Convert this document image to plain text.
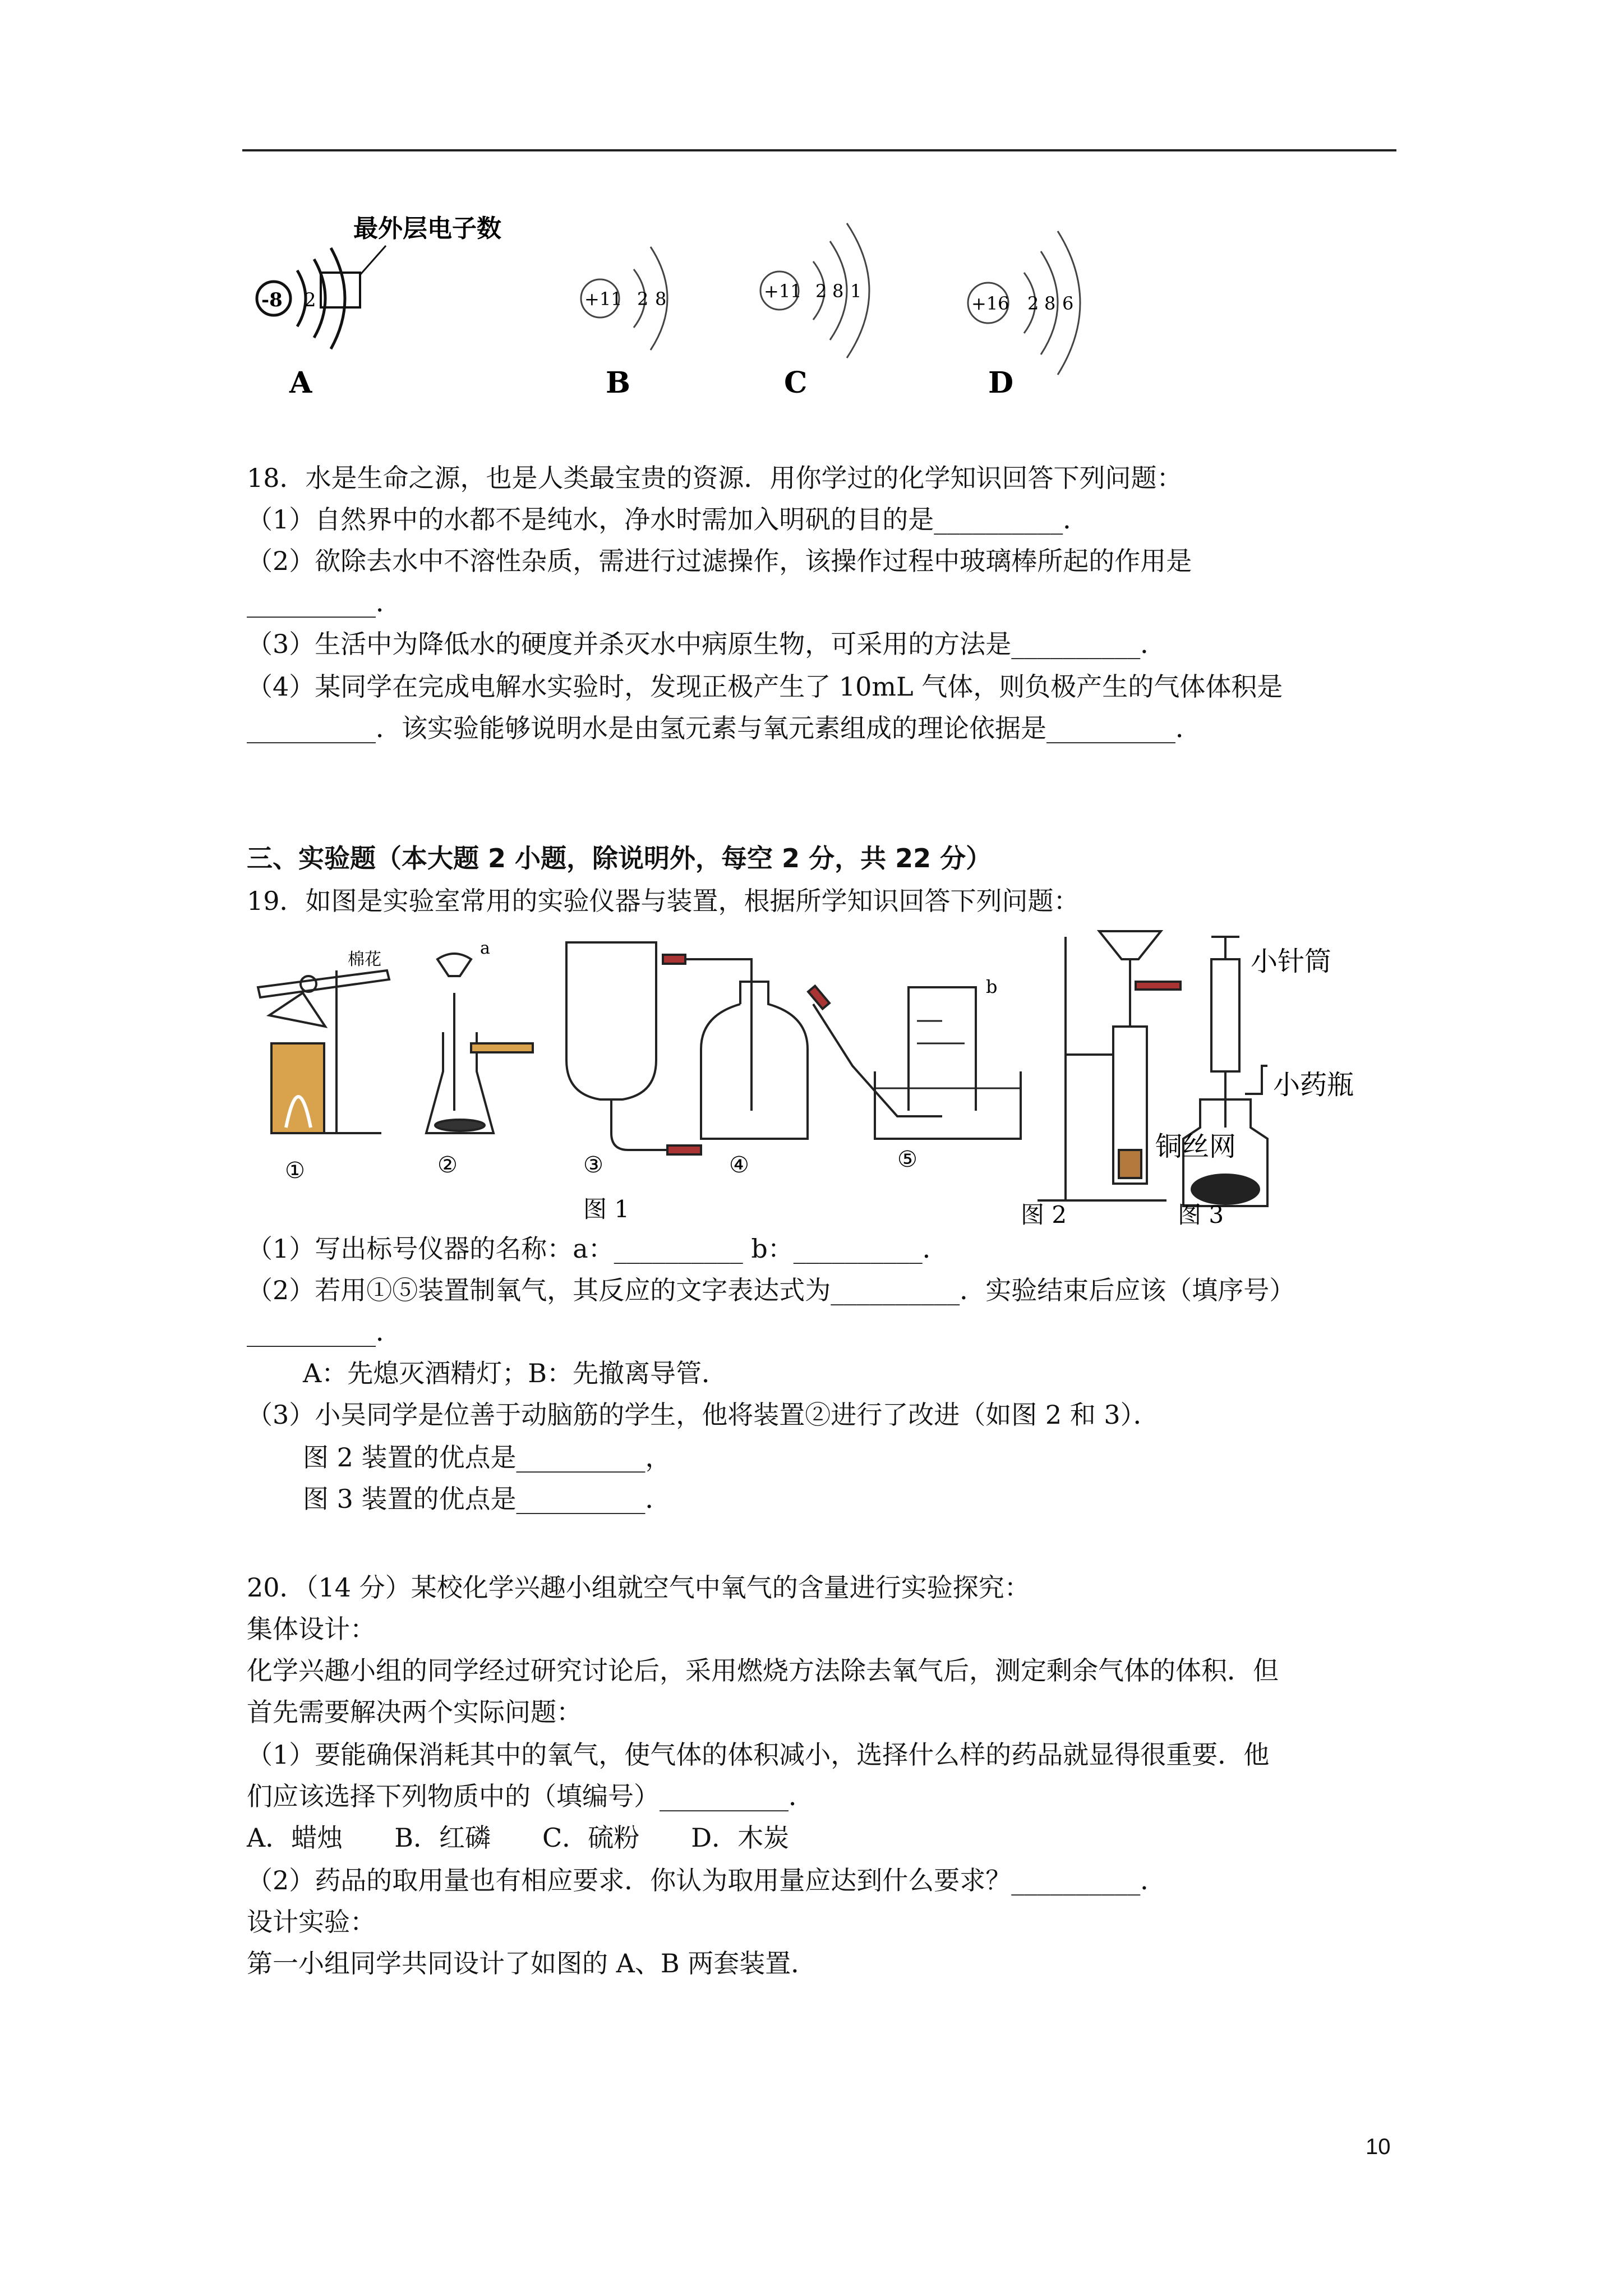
-8 2
最外层电子数
A
+11 2 8
B
+11 2 8 1
C
+16 2 8 6
D
18．水是生命之源，也是人类最宝贵的资源．用你学过的化学知识回答下列问题：
（1）自然界中的水都不是纯水，净水时需加入明矾的目的是__________．
（2）欲除去水中不溶性杂质，需进行过滤操作，该操作过程中玻璃棒所起的作用是
__________．
（3）生活中为降低水的硬度并杀灭水中病原生物，可采用的方法是__________．
（4）某同学在完成电解水实验时，发现正极产生了 10mL 气体，则负极产生的气体体积是
__________．该实验能够说明水是由氢元素与氧元素组成的理论依据是__________．
三、实验题（本大题 2 小题，除说明外，每空 2 分，共 22 分）
19．如图是实验室常用的实验仪器与装置，根据所学知识回答下列问题：
棉花
a
b
①	②	③	④	⑤
图 1
铜丝网
图 2
小针筒
小药瓶
图 3
（1）写出标号仪器的名称：a：__________ b：__________．
（2）若用①⑤装置制氧气，其反应的文字表达式为__________．实验结束后应该（填序号）
__________．
A：先熄灭酒精灯；B：先撤离导管．
（3）小吴同学是位善于动脑筋的学生，他将装置②进行了改进（如图 2 和 3）．
图 2 装置的优点是__________，
图 3 装置的优点是__________．
20．（14 分）某校化学兴趣小组就空气中氧气的含量进行实验探究：
集体设计：
化学兴趣小组的同学经过研究讨论后，采用燃烧方法除去氧气后，测定剩余气体的体积．但
首先需要解决两个实际问题：
（1）要能确保消耗其中的氧气，使气体的体积减小，选择什么样的药品就显得很重要．他
们应该选择下列物质中的（填编号）__________．
A．蜡烛　　B．红磷　　C．硫粉　　D．木炭
（2）药品的取用量也有相应要求．你认为取用量应达到什么要求？__________．
设计实验：
第一小组同学共同设计了如图的 A、B 两套装置．
10
